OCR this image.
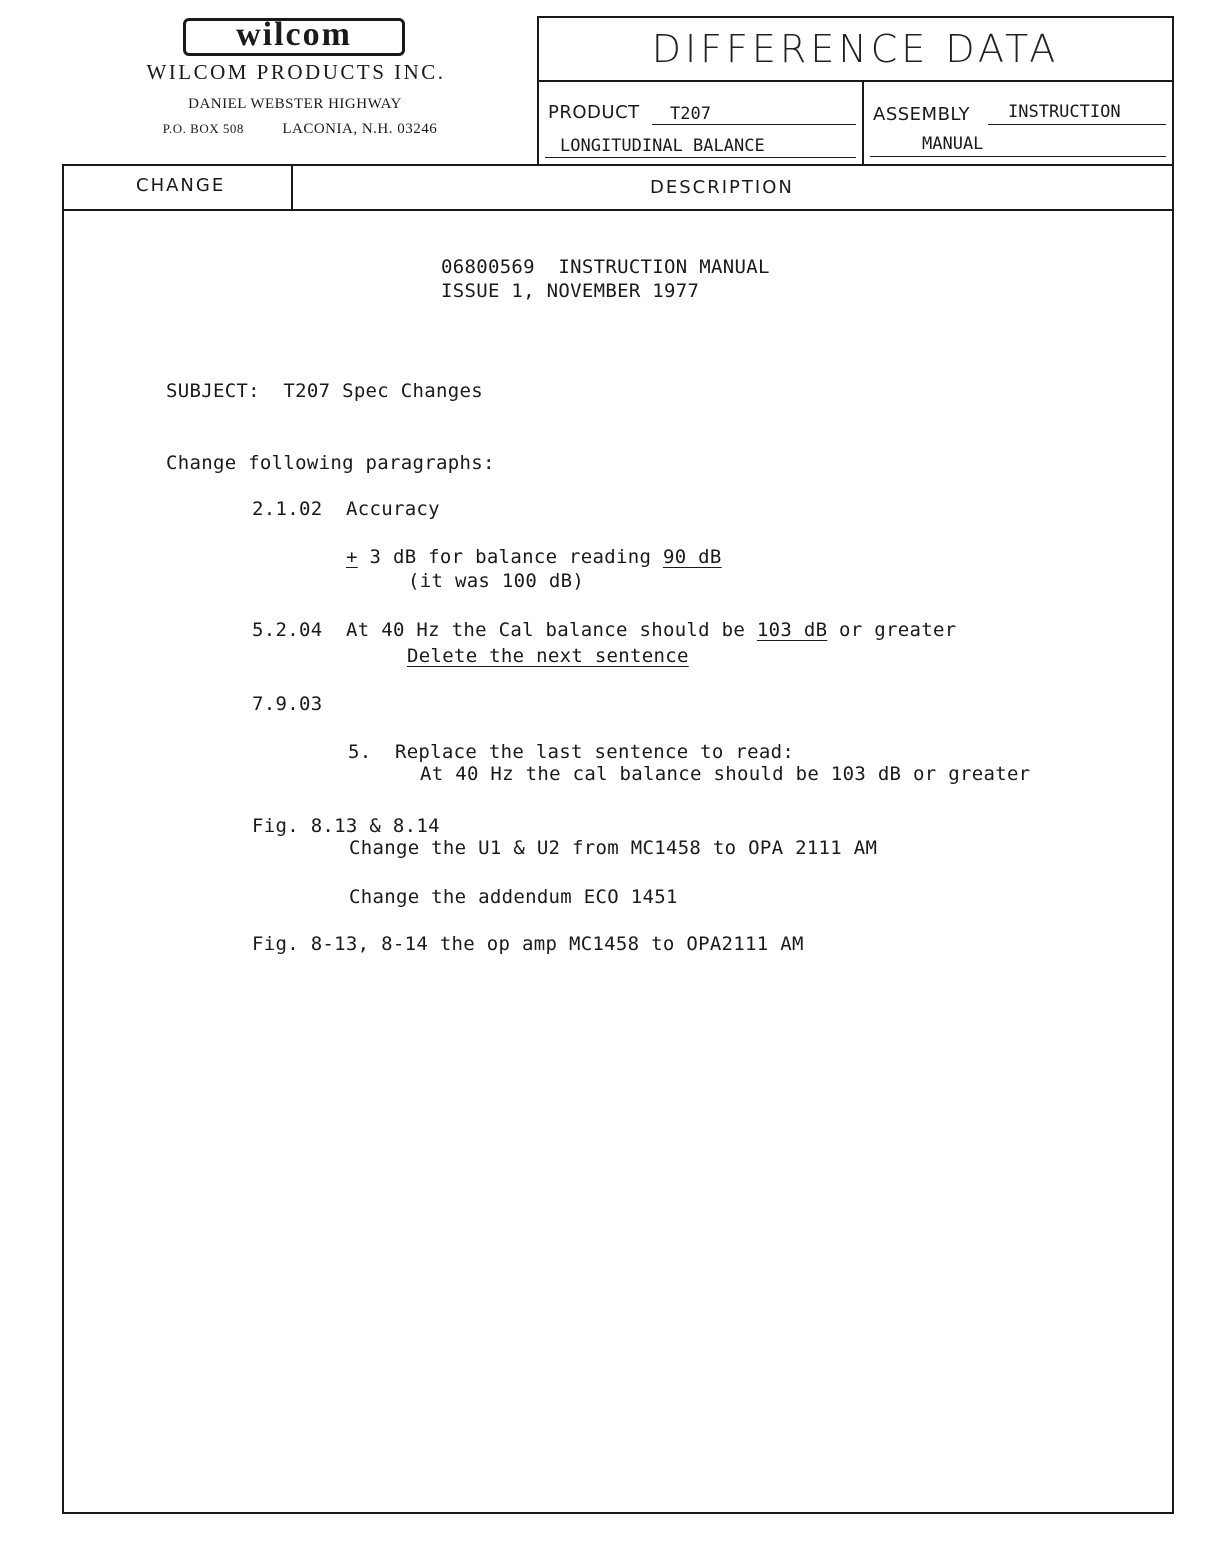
wilcom
WILCOM PRODUCTS INC.
DANIEL WEBSTER HIGHWAY
P.O. BOX 508	LACONIA, N.H. 03246
DIFFERENCE DATA
PRODUCT T207
LONGITUDINAL BALANCE
ASSEMBLY INSTRUCTION
MANUAL
CHANGE	DESCRIPTION
06800569  INSTRUCTION MANUAL
ISSUE 1, NOVEMBER 1977
SUBJECT:  T207 Spec Changes
Change following paragraphs:
2.1.02 Accuracy
+ 3 dB for balance reading 90 dB
(it was 100 dB)
5.2.04 At 40 Hz the Cal balance should be 103 dB or greater
Delete the next sentence
7.9.03
5.  Replace the last sentence to read:
At 40 Hz the cal balance should be 103 dB or greater
Fig. 8.13 & 8.14
Change the U1 & U2 from MC1458 to OPA 2111 AM
Change the addendum ECO 1451
Fig. 8-13, 8-14 the op amp MC1458 to OPA2111 AM
